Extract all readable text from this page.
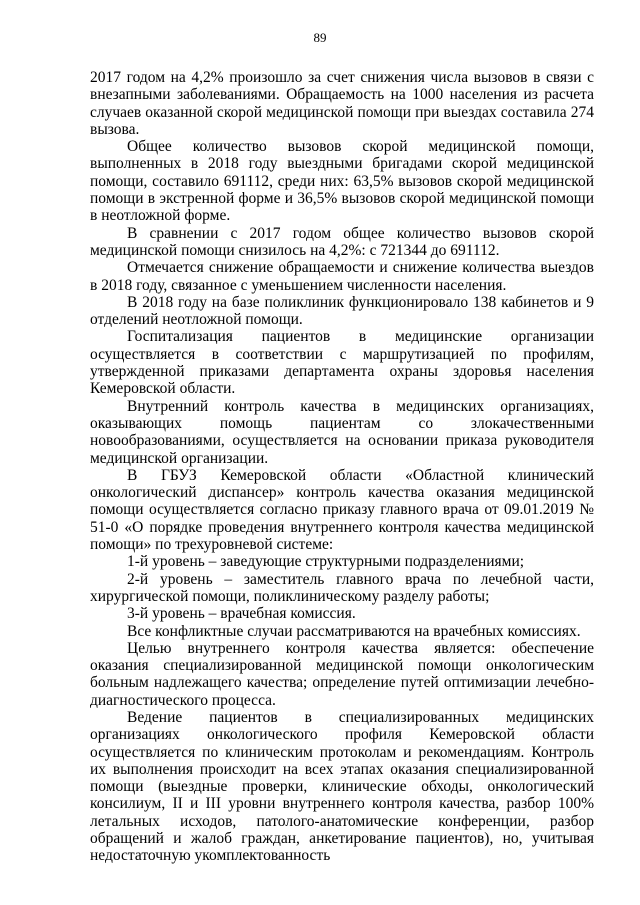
89

2017 годом на 4,2% произошло за счет снижения числа вызовов в связи с внезапными заболеваниями. Обращаемость на 1000 населения из расчета случаев оказанной скорой медицинской помощи при выездах составила 274 вызова.

Общее количество вызовов скорой медицинской помощи, выполненных в 2018 году выездными бригадами скорой медицинской помощи, составило 691112, среди них: 63,5% вызовов скорой медицинской помощи в экстренной форме и 36,5% вызовов скорой медицинской помощи в неотложной форме.

В сравнении с 2017 годом общее количество вызовов скорой медицинской помощи снизилось на 4,2%: с 721344 до 691112.

Отмечается снижение обращаемости и снижение количества выездов в 2018 году, связанное с уменьшением численности населения.

В 2018 году на базе поликлиник функционировало 138 кабинетов и 9 отделений неотложной помощи.

Госпитализация пациентов в медицинские организации осуществляется в соответствии с маршрутизацией по профилям, утвержденной приказами департамента охраны здоровья населения Кемеровской области.

Внутренний контроль качества в медицинских организациях, оказывающих помощь пациентам со злокачественными новообразованиями, осуществляется на основании приказа руководителя медицинской организации.

В ГБУЗ Кемеровской области «Областной клинический онкологический диспансер» контроль качества оказания медицинской помощи осуществляется согласно приказу главного врача от 09.01.2019 № 51-0 «О порядке проведения внутреннего контроля качества медицинской помощи» по трехуровневой системе:

1-й уровень – заведующие структурными подразделениями;

2-й уровень – заместитель главного врача по лечебной части, хирургической помощи, поликлиническому разделу работы;

3-й уровень – врачебная комиссия.

Все конфликтные случаи рассматриваются на врачебных комиссиях.

Целью внутреннего контроля качества является: обеспечение оказания специализированной медицинской помощи онкологическим больным надлежащего качества; определение путей оптимизации лечебно-диагностического процесса.

Ведение пациентов в специализированных медицинских организациях онкологического профиля Кемеровской области осуществляется по клиническим протоколам и рекомендациям. Контроль их выполнения происходит на всех этапах оказания специализированной помощи (выездные проверки, клинические обходы, онкологический консилиум, II и III уровни внутреннего контроля качества, разбор 100% летальных исходов, патолого-анатомические конференции, разбор обращений и жалоб граждан, анкетирование пациентов), но, учитывая недостаточную укомплектованность
